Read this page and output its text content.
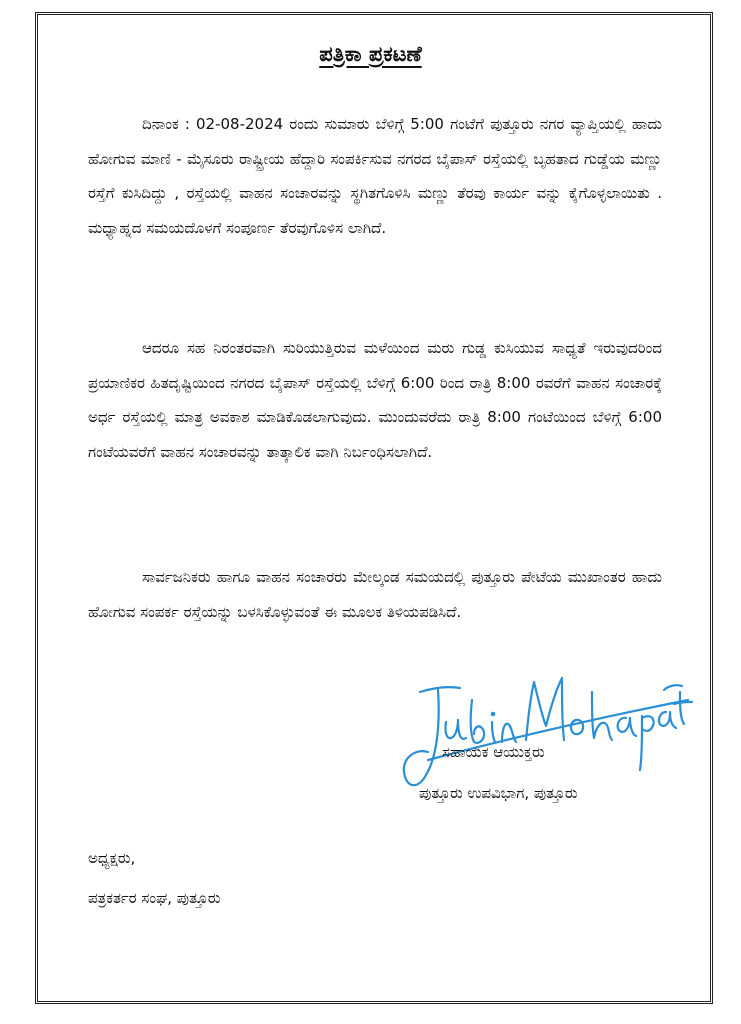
ಪತ್ರಿಕಾ ಪ್ರಕಟಣೆ

ದಿನಾಂಕ : 02-08-2024 ರಂದು ಸುಮಾರು ಬೆಳಿಗ್ಗೆ 5:00 ಗಂಟೆಗೆ ಪುತ್ತೂರು ನಗರ ವ್ಯಾಪ್ತಿಯಲ್ಲಿ ಹಾದು ಹೋಗುವ ಮಾಣಿ - ಮೈಸೂರು ರಾಷ್ಟ್ರೀಯ ಹೆದ್ದಾರಿ ಸಂಪರ್ಕಿಸುವ ನಗರದ ಬೈಪಾಸ್ ರಸ್ತೆಯಲ್ಲಿ ಬೃಹತಾದ ಗುಡ್ಡೆಯ ಮಣ್ಣು ರಸ್ತೆಗೆ ಕುಸಿದಿದ್ದು , ರಸ್ತೆಯಲ್ಲಿ ವಾಹನ ಸಂಚಾರವನ್ನು ಸ್ಥಗಿತಗೊಳಿಸಿ ಮಣ್ಣು ತೆರವು ಕಾರ್ಯ ವನ್ನು ಕೈಗೊಳ್ಳಲಾಯಿತು . ಮಧ್ಯಾಹ್ನದ ಸಮಯದೊಳಗೆ ಸಂಪೂರ್ಣ ತೆರವುಗೊಳಿಸ ಲಾಗಿದೆ.

ಆದರೂ ಸಹ ನಿರಂತರವಾಗಿ ಸುರಿಯುತ್ತಿರುವ ಮಳೆಯಿಂದ ಮರು ಗುಡ್ಡ ಕುಸಿಯುವ ಸಾಧ್ಯತೆ ಇರುವುದರಿಂದ ಪ್ರಯಾಣಿಕರ ಹಿತದೃಷ್ಟಿಯಿಂದ ನಗರದ ಬೈಪಾಸ್ ರಸ್ತೆಯಲ್ಲಿ ಬೆಳಿಗ್ಗೆ 6:00 ರಿಂದ ರಾತ್ರಿ 8:00 ರವರೆಗೆ ವಾಹನ ಸಂಚಾರಕ್ಕೆ ಅರ್ಧ ರಸ್ತೆಯಲ್ಲಿ ಮಾತ್ರ ಅವಕಾಶ ಮಾಡಿಕೊಡಲಾಗುವುದು. ಮುಂದುವರೆದು ರಾತ್ರಿ 8:00 ಗಂಟೆಯಿಂದ ಬೆಳಿಗ್ಗೆ 6:00 ಗಂಟೆಯವರೆಗೆ ವಾಹನ ಸಂಚಾರವನ್ನು ತಾತ್ಕಾಲಿಕ ವಾಗಿ ನಿರ್ಬಂಧಿಸಲಾಗಿದೆ.

ಸಾರ್ವಜನಿಕರು ಹಾಗೂ ವಾಹನ ಸಂಚಾರರು ಮೇಲ್ಕಂಡ ಸಮಯದಲ್ಲಿ ಪುತ್ತೂರು ಪೇಟೆಯ ಮುಖಾಂತರ ಹಾದು ಹೋಗುವ ಸಂಪರ್ಕ ರಸ್ತೆಯನ್ನು ಬಳಸಿಕೊಳ್ಳುವಂತೆ ಈ ಮೂಲಕ ತಿಳಿಯಪಡಿಸಿದೆ.

ಸಹಾಯಕ ಆಯುಕ್ತರು
ಪುತ್ತೂರು ಉಪವಿಭಾಗ, ಪುತ್ತೂರು
ಅಧ್ಯಕ್ಷರು,
ಪತ್ರಕರ್ತರ ಸಂಘ, ಪುತ್ತೂರು
